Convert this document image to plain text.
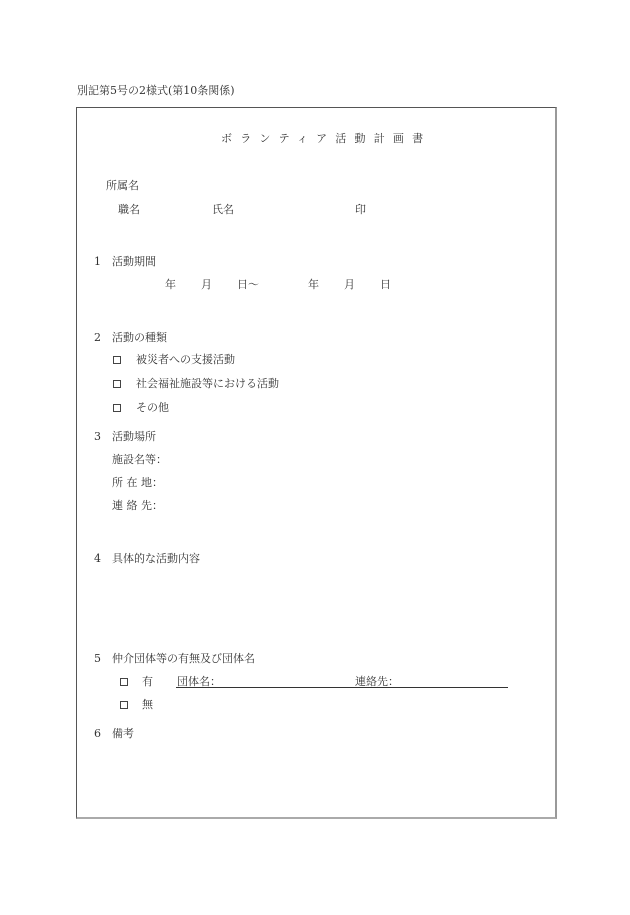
別記第5号の2様式(第10条関係)
ボランティア活動計画書
所属名
職名	氏名	印
1 活動期間
年 月 日～	年 月 日
2 活動の種類
被災者への支援活動
社会福祉施設等における活動
その他
3 活動場所
施設名等：
所 在 地：
連 絡 先：
4 具体的な活動内容
5 仲介団体等の有無及び団体名
有 団体名：	連絡先：
無
6 備考
